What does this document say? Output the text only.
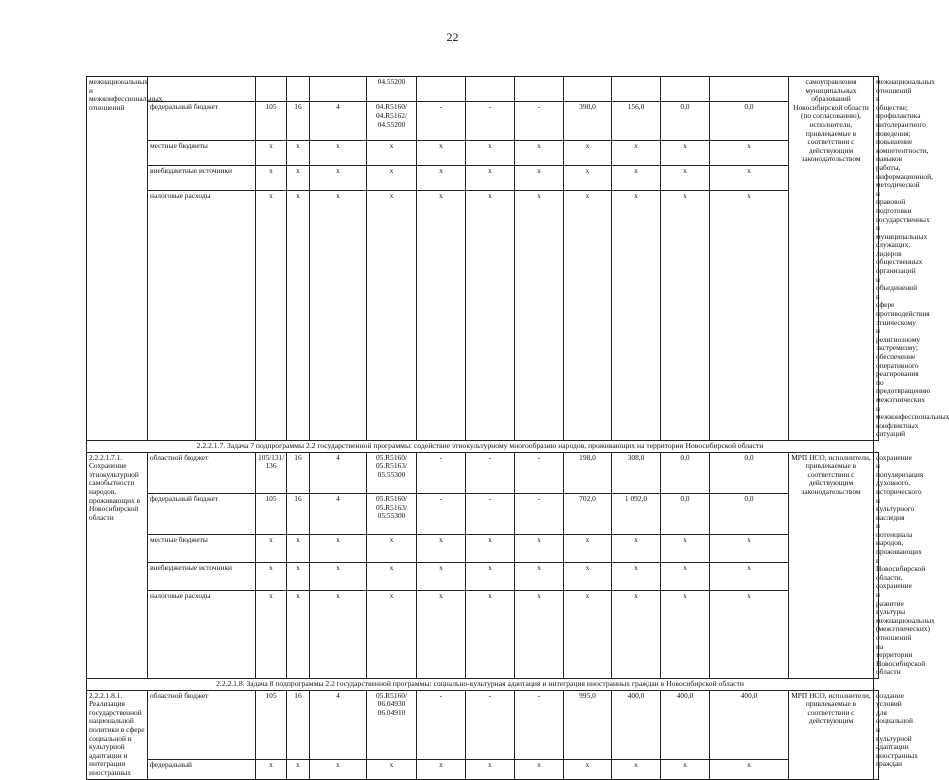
22
межнациональных и межконфессиональных отношений					04.55200								самоуправления муниципальных образований Новосибирской области (по согласованию), исполнители, привлекаемые в соответствии с действующим законодательством	межнациональных отношений в обществе; профилактика интолерантного поведения; повышение компетентности, навыков работы, информационной, методической и правовой подготовки государственных и муниципальных служащих, лидеров общественных организаций и объединений в сфере противодействия этническому и религиозному экстремизму; обеспечение оперативного реагирования по предотвращению межэтнических и межконфессиональных конфликтных ситуаций
	федеральный бюджет	105	16	4	04.R5160/ 04.R5162/ 04.55200	-	-	-	390,0	156,0	0,0	0,0		
	местные бюджеты	x	x	x	x	x	x	x	x	x	x	x		
	внебюджетные источники	x	x	x	x	x	x	x	x	x	x	x		
	налоговые расходы	x	x	x	x	x	x	x	x	x	x	x		
2.2.2.1.7. Задача 7 подпрограммы 2.2 государственной программы: содействие этнокультурному многообразию народов, проживающих на территории Новосибирской области														
2.2.2.1.7.1. Сохранение этнокультурной самобытности народов, проживающих в Новосибирской области	областной бюджет	105/131/ 136	16	4	05.R5160/ 05.R5163/ 05.55300	-	-	-	198,0	308,0	0,0	0,0	МРП НСО, исполнители, привлекаемые в соответствии с действующим законодательством	сохранение и популяризация духовного, исторического и культурного наследия и потенциала народов, проживающих в Новосибирской области, сохранение и развитие культуры межнациональных (межэтнических) отношений на территории Новосибирской области
	федеральный бюджет	105	16	4	05.R5160/ 05.R5163/ 05.55300	-	-	-	702,0	1 092,0	0,0	0,0		
	местные бюджеты	x	x	x	x	x	x	x	x	x	x	x		
	внебюджетные источники	x	x	x	x	x	x	x	x	x	x	x		
	налоговые расходы	x	x	x	x	x	x	x	x	x	x	x		
2.2.2.1.8. Задача 8 подпрограммы 2.2 государственной программы: социально-культурная адаптация и интеграция иностранных граждан в Новосибирской области														
2.2.2.1.8.1. Реализация государственной национальной политики в сфере социальной и культурной адаптации и интеграции иностранных	областной бюджет	105	16	4	05.R5160/ 06.04930 06.04910	-	-	-	995,0	400,0	400,0	400,0	МРП НСО, исполнители, привлекаемые в соответствии с действующим	создание условий для социальной и культурной адаптации иностранных граждан
	федеральный	x	x	x	x	x	x	x	x	x	x	x		
